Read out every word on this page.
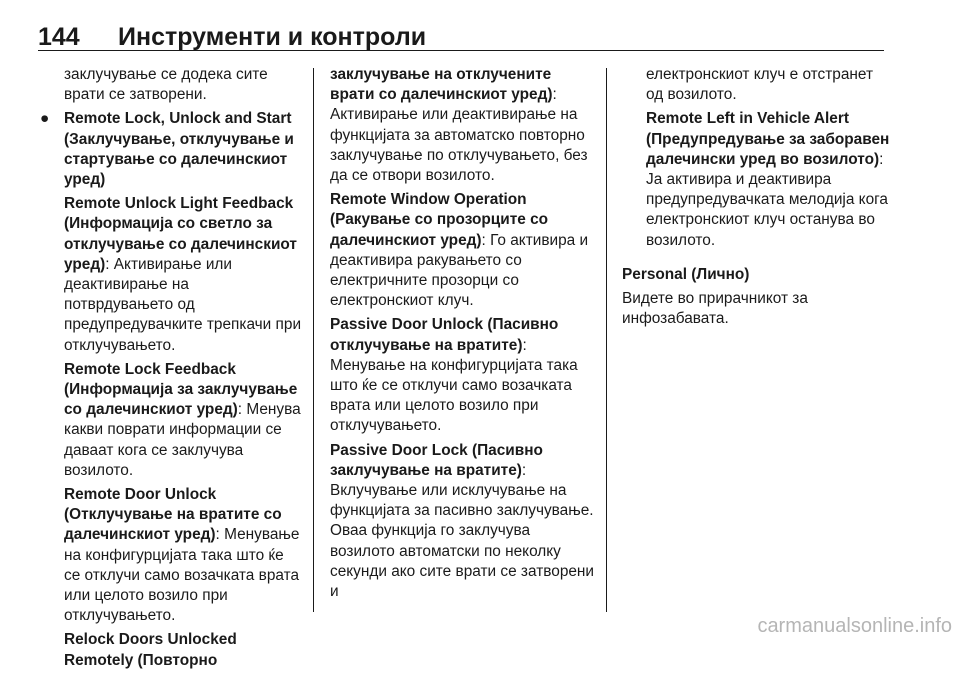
144 Инструменти и контроли

заклучување се додека сите врати се затворени.

● Remote Lock, Unlock and Start (Заклучување, отклучување и стартување со далечинскиот уред)

Remote Unlock Light Feedback (Информација со светло за отклучување со далечинскиот уред): Активирање или деактивирање на потврдувањето од предупредувачките трепкачи при отклучувањето.

Remote Lock Feedback (Информација за заклучување со далечинскиот уред): Менува какви поврати информации се даваат кога се заклучува возилото.

Remote Door Unlock (Отклучување на вратите со далечинскиот уред): Менување на конфигурцијата така што ќе се отклучи само возачката врата или целото возило при отклучувањето.

Relock Doors Unlocked Remotely (Повторно

заклучување на отклучените врати со далечинскиот уред): Активирање или деактивирање на функцијата за автоматско повторно заклучување по отклучувањето, без да се отвори возилото.

Remote Window Operation (Ракување со прозорците со далечинскиот уред): Го активира и деактивира ракувањето со електричните прозорци со електронскиот клуч.

Passive Door Unlock (Пасивно отклучување на вратите): Менување на конфигурцијата така што ќе се отклучи само возачката врата или целото возило при отклучувањето.

Passive Door Lock (Пасивно заклучување на вратите): Вклучување или исклучување на функцијата за пасивно заклучување. Оваа функција го заклучува возилото автоматски по неколку секунди ако сите врати се затворени и

електронскиот клуч е отстранет од возилото.

Remote Left in Vehicle Alert (Предупредување за заборавен далечински уред во возилото): Ја активира и деактивира предупредувачката мелодија кога електронскиот клуч останува во возилото.

Personal (Лично)

Видете во прирачникот за инфозабавата.

carmanualsonline.info
